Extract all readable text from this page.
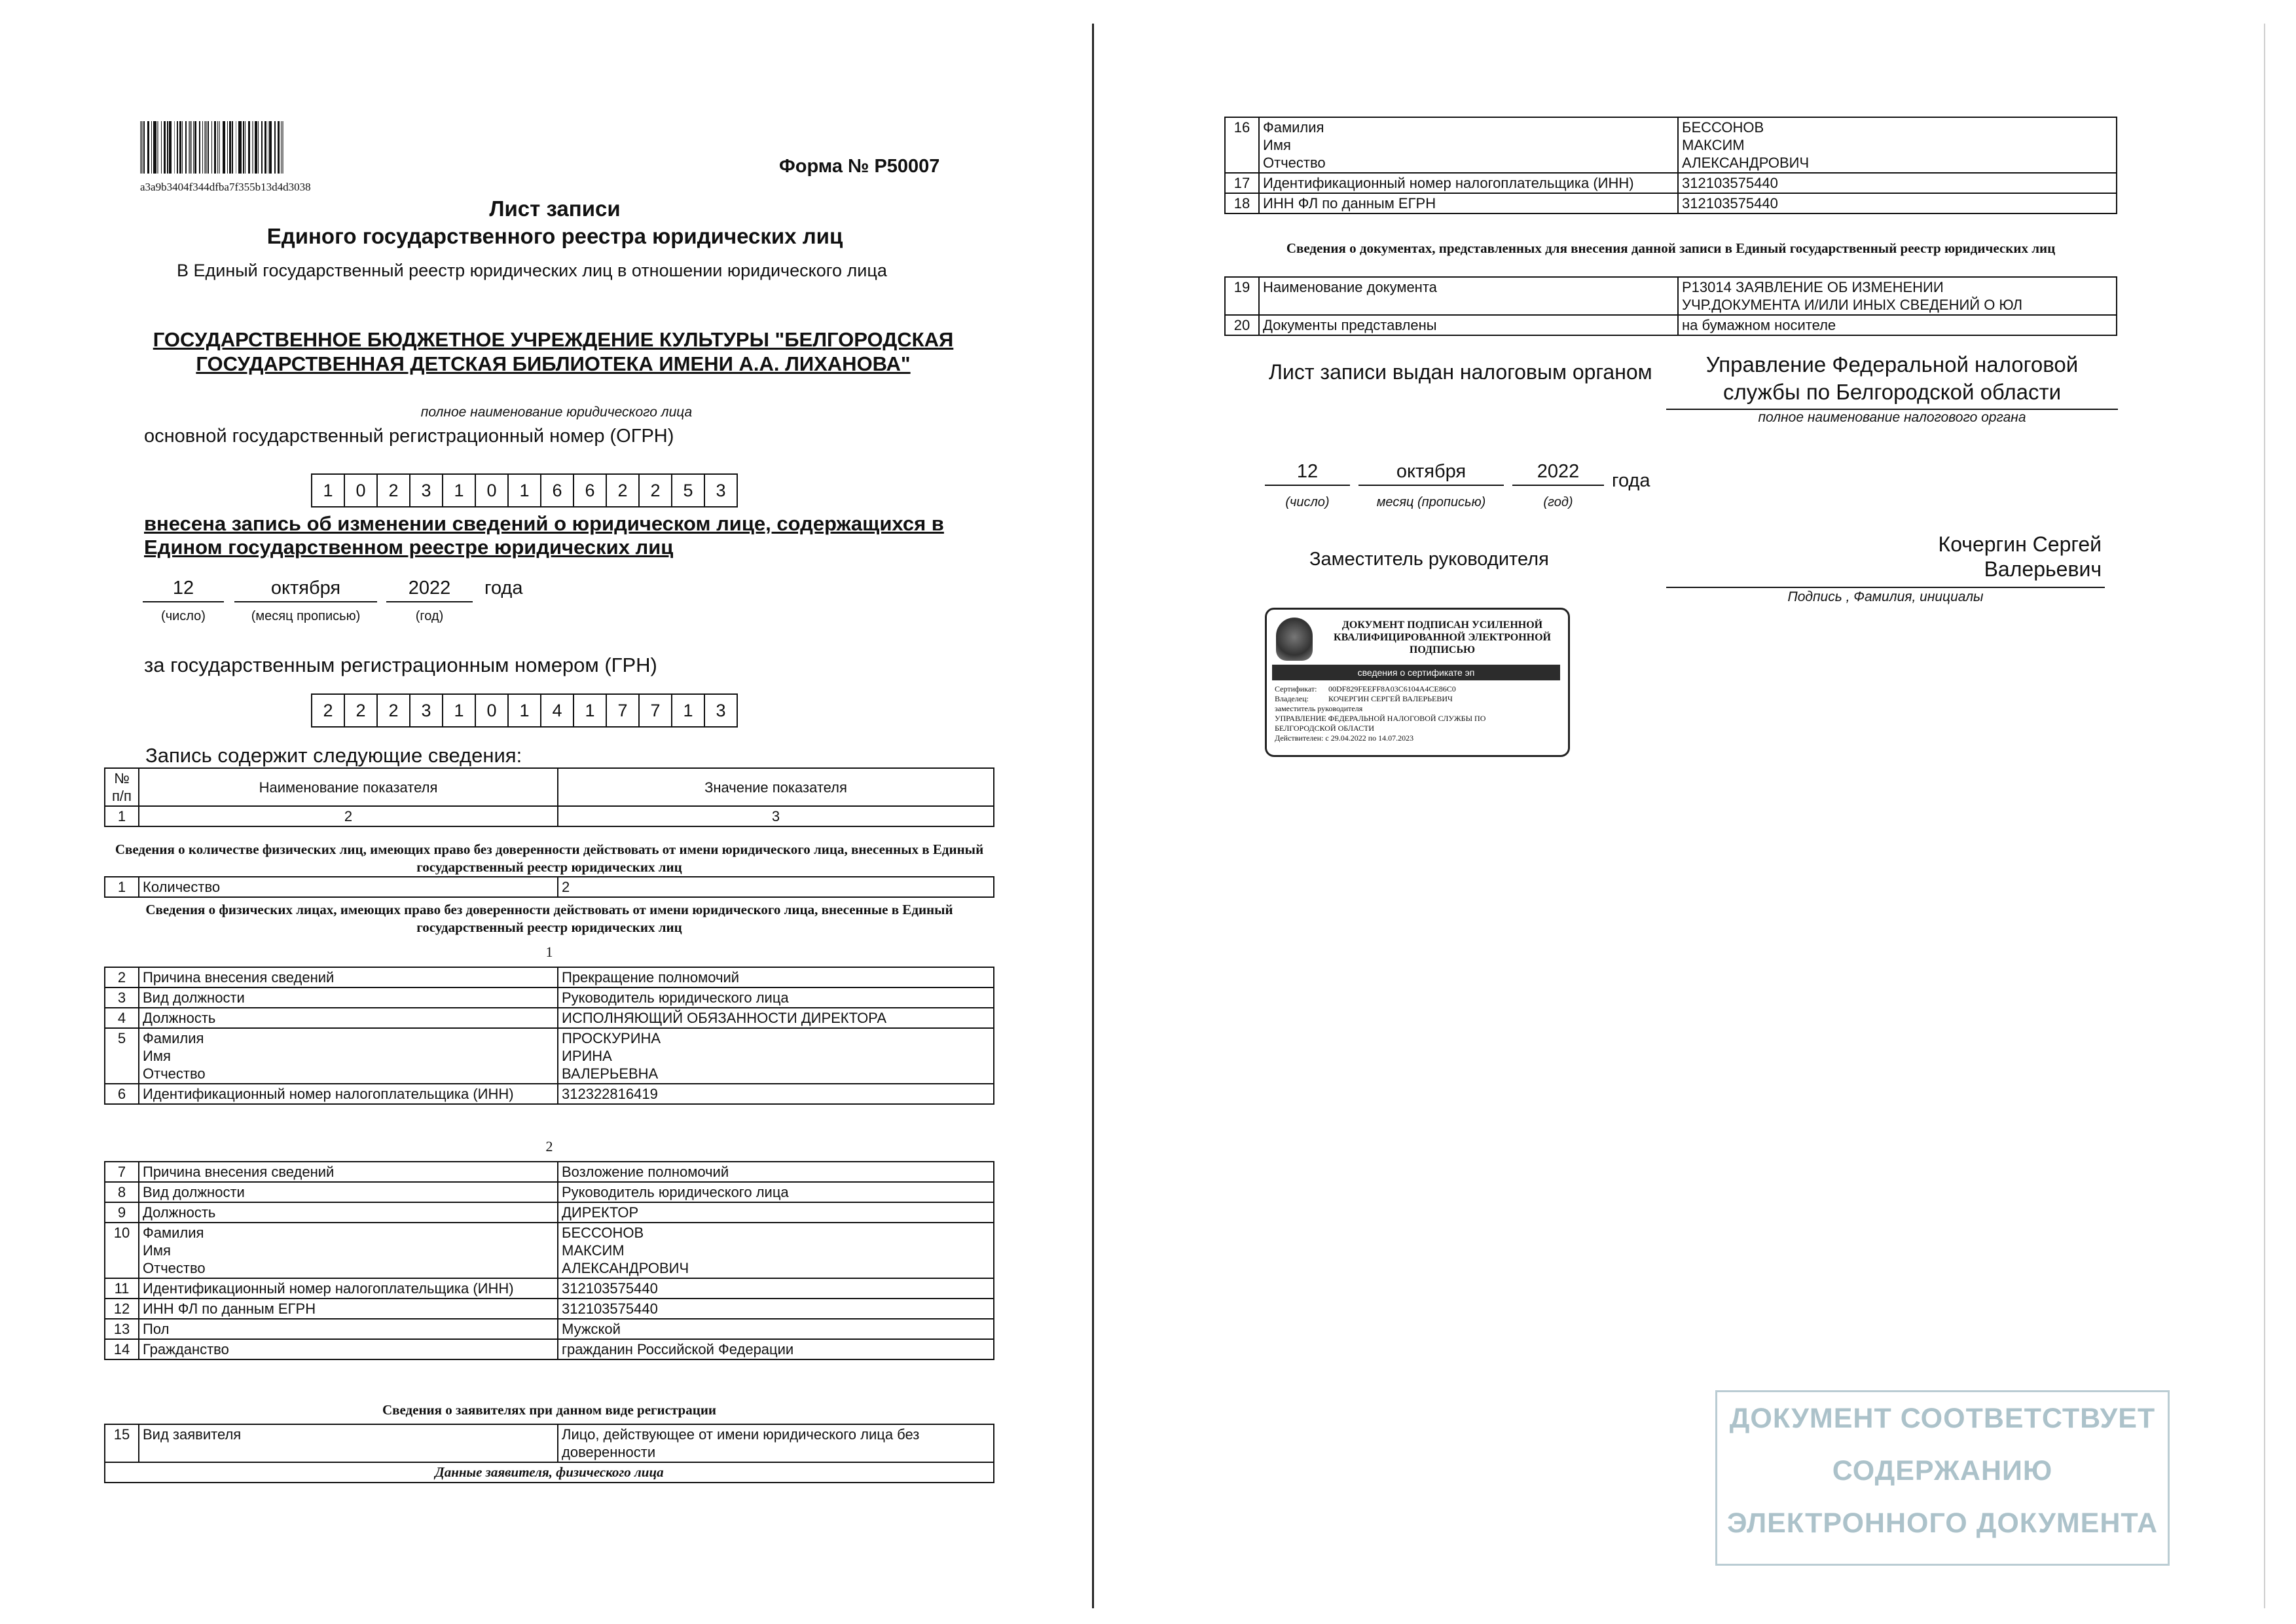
a3a9b3404f344dfba7f355b13d4d3038
Форма № Р50007
Лист записи
Единого государственного реестра юридических лиц
В Единый государственный реестр юридических лиц в отношении юридического лица
ГОСУДАРСТВЕННОЕ БЮДЖЕТНОЕ УЧРЕЖДЕНИЕ КУЛЬТУРЫ "БЕЛГОРОДСКАЯ ГОСУДАРСТВЕННАЯ ДЕТСКАЯ БИБЛИОТЕКА ИМЕНИ А.А. ЛИХАНОВА"
полное наименование юридического лица
основной государственный регистрационный номер (ОГРН)
1	0	2	3	1	0	1	6	6	2	2	5	3
внесена запись об изменении сведений о юридическом лице, содержащихся в Едином государственном реестре юридических лиц
12	октября	2022	года
(число)	(месяц прописью)	(год)
за государственным регистрационным номером (ГРН)
2	2	2	3	1	0	1	4	1	7	7	1	3
Запись содержит следующие сведения:
№ п/п	Наименование показателя	Значение показателя
1	2	3
Сведения о количестве физических лиц, имеющих право без доверенности действовать от имени юридического лица, внесенных в Единый государственный реестр юридических лиц
1	Количество	2
Сведения о физических лицах, имеющих право без доверенности действовать от имени юридического лица, внесенные в Единый государственный реестр юридических лиц
1
2	Причина внесения сведений	Прекращение полномочий
3	Вид должности	Руководитель юридического лица
4	Должность	ИСПОЛНЯЮЩИЙ ОБЯЗАННОСТИ ДИРЕКТОРА
5	Фамилия
Имя
Отчество	ПРОСКУРИНА
ИРИНА
ВАЛЕРЬЕВНА
6	Идентификационный номер налогоплательщика (ИНН)	312322816419
2
7	Причина внесения сведений	Возложение полномочий
8	Вид должности	Руководитель юридического лица
9	Должность	ДИРЕКТОР
10	Фамилия
Имя
Отчество	БЕССОНОВ
МАКСИМ
АЛЕКСАНДРОВИЧ
11	Идентификационный номер налогоплательщика (ИНН)	312103575440
12	ИНН ФЛ по данным ЕГРН	312103575440
13	Пол	Мужской
14	Гражданство	гражданин Российской Федерации
Сведения о заявителях при данном виде регистрации
15	Вид заявителя	Лицо, действующее от имени юридического лица без доверенности
Данные заявителя, физического лица
16	Фамилия
Имя
Отчество	БЕССОНОВ
МАКСИМ
АЛЕКСАНДРОВИЧ
17	Идентификационный номер налогоплательщика (ИНН)	312103575440
18	ИНН ФЛ по данным ЕГРН	312103575440
Сведения о документах, представленных для внесения данной записи в Единый государственный реестр юридических лиц
19	Наименование документа	Р13014 ЗАЯВЛЕНИЕ ОБ ИЗМЕНЕНИИ
УЧР.ДОКУМЕНТА И/ИЛИ ИНЫХ СВЕДЕНИЙ О ЮЛ
20	Документы представлены	на бумажном носителе
Лист записи выдан налоговым органом	Управление Федеральной налоговой службы по Белгородской области
полное наименование налогового органа
12	октября	2022	года
(число)	месяц (прописью)	(год)
Заместитель руководителя
Кочергин Сергей Валерьевич
Подпись , Фамилия, инициалы
ДОКУМЕНТ ПОДПИСАН УСИЛЕННОЙ КВАЛИФИЦИРОВАННОЙ ЭЛЕКТРОННОЙ ПОДПИСЬЮ
сведения о сертификате эп
Сертификат: 00DF829FEEFF8A03C6104A4CE86C0
Владелец:	КОЧЕРГИН СЕРГЕЙ ВАЛЕРЬЕВИЧ
заместитель руководителя
УПРАВЛЕНИЕ ФЕДЕРАЛЬНОЙ НАЛОГОВОЙ СЛУЖБЫ ПО
БЕЛГОРОДСКОЙ ОБЛАСТИ
Действителен: с 29.04.2022 по 14.07.2023
ДОКУМЕНТ СООТВЕТСТВУЕТ
СОДЕРЖАНИЮ
ЭЛЕКТРОННОГО ДОКУМЕНТА
